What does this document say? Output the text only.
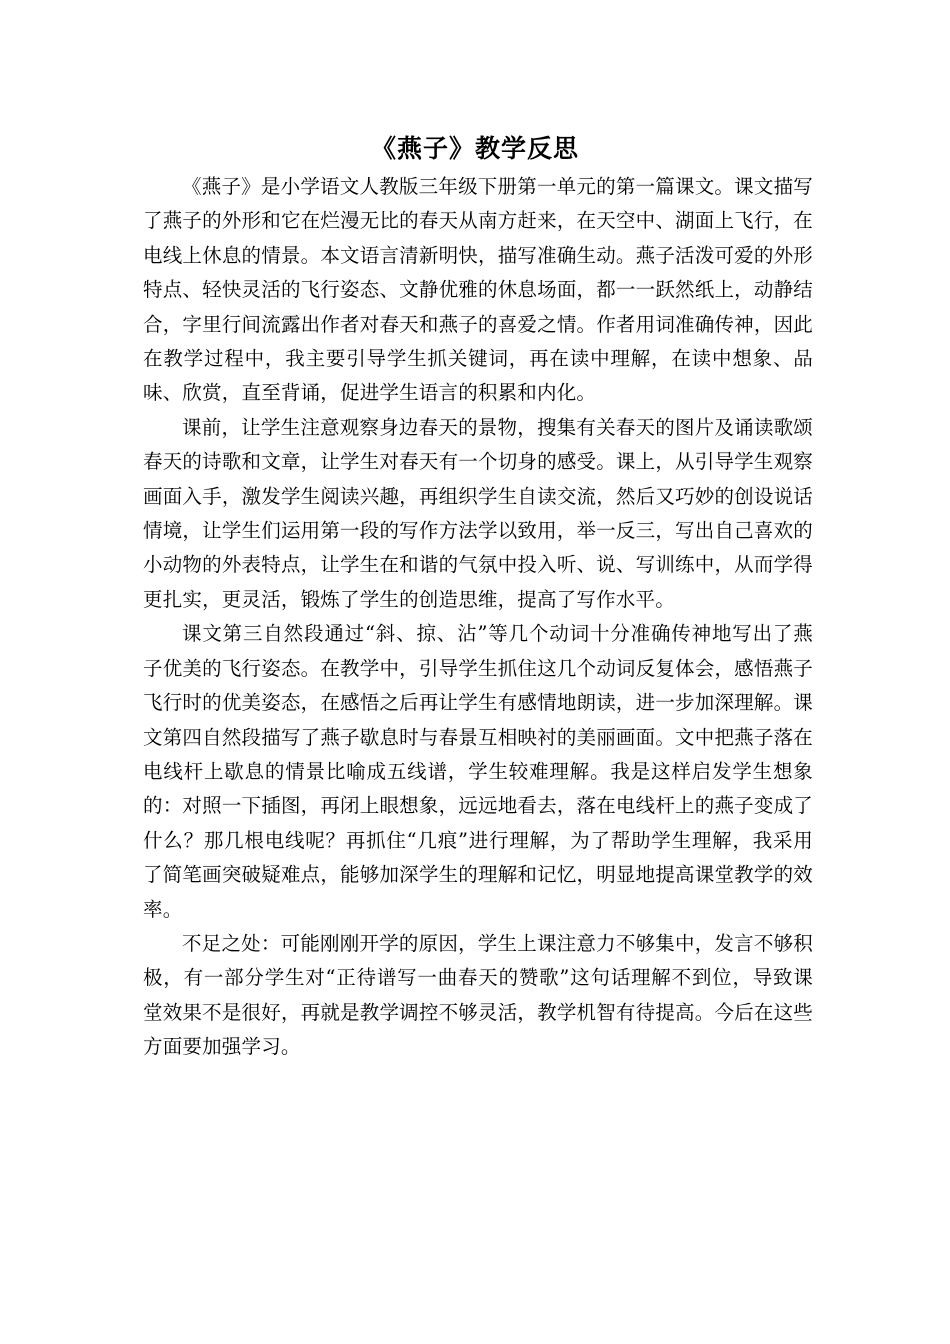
《燕子》教学反思

《燕子》是小学语文人教版三年级下册第一单元的第一篇课文。课文描写了燕子的外形和它在烂漫无比的春天从南方赶来，在天空中、湖面上飞行，在电线上休息的情景。本文语言清新明快，描写准确生动。燕子活泼可爱的外形特点、轻快灵活的飞行姿态、文静优雅的休息场面，都一一跃然纸上，动静结合，字里行间流露出作者对春天和燕子的喜爱之情。作者用词准确传神，因此在教学过程中，我主要引导学生抓关键词，再在读中理解，在读中想象、品味、欣赏，直至背诵，促进学生语言的积累和内化。

课前，让学生注意观察身边春天的景物，搜集有关春天的图片及诵读歌颂春天的诗歌和文章，让学生对春天有一个切身的感受。课上，从引导学生观察画面入手，激发学生阅读兴趣，再组织学生自读交流，然后又巧妙的创设说话情境，让学生们运用第一段的写作方法学以致用，举一反三，写出自己喜欢的小动物的外表特点，让学生在和谐的气氛中投入听、说、写训练中，从而学得更扎实，更灵活，锻炼了学生的创造思维，提高了写作水平。

课文第三自然段通过“斜、掠、沾”等几个动词十分准确传神地写出了燕子优美的飞行姿态。在教学中，引导学生抓住这几个动词反复体会，感悟燕子飞行时的优美姿态，在感悟之后再让学生有感情地朗读，进一步加深理解。课文第四自然段描写了燕子歇息时与春景互相映衬的美丽画面。文中把燕子落在电线杆上歇息的情景比喻成五线谱，学生较难理解。我是这样启发学生想象的：对照一下插图，再闭上眼想象，远远地看去，落在电线杆上的燕子变成了什么？那几根电线呢？再抓住“几痕”进行理解，为了帮助学生理解，我采用了简笔画突破疑难点，能够加深学生的理解和记忆，明显地提高课堂教学的效率。

不足之处：可能刚刚开学的原因，学生上课注意力不够集中，发言不够积极，有一部分学生对“正待谱写一曲春天的赞歌”这句话理解不到位，导致课堂效果不是很好，再就是教学调控不够灵活，教学机智有待提高。今后在这些方面要加强学习。
